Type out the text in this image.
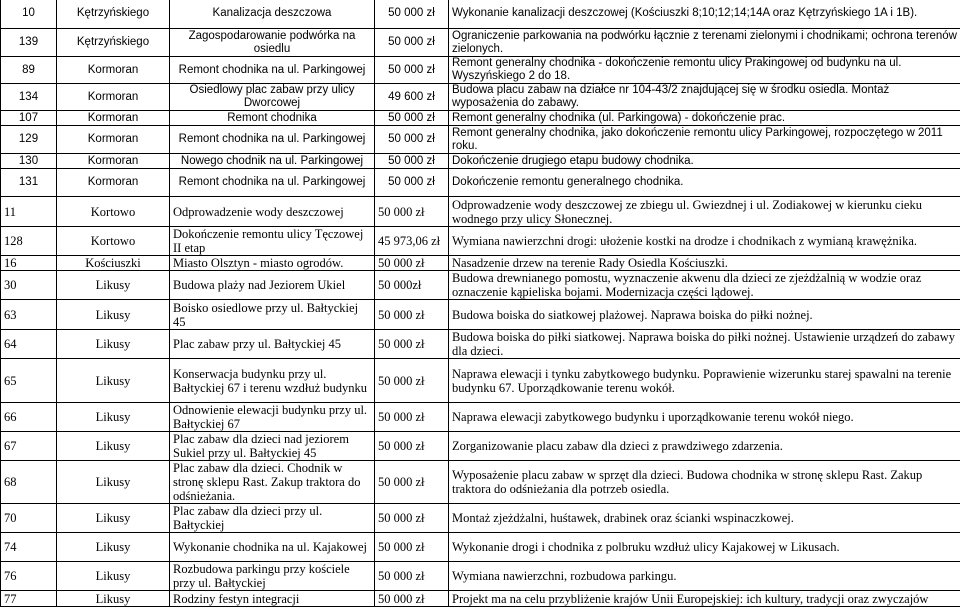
10	Kętrzyńskiego	Kanalizacja deszczowa	50 000 zł	Wykonanie kanalizacji deszczowej (Kościuszki 8;10;12;14;14A oraz Kętrzyńskiego 1A i 1B).
139	Kętrzyńskiego	Zagospodarowanie podwórka na osiedlu	50 000 zł	Ograniczenie parkowania na podwórku łącznie z terenami zielonymi i chodnikami; ochrona terenów zielonych.
89	Kormoran	Remont chodnika na ul. Parkingowej	50 000 zł	Remont generalny chodnika - dokończenie remontu ulicy Prakingowej od budynku na ul. Wyszyńskiego 2 do 18.
134	Kormoran	Osiedlowy plac zabaw przy ulicy Dworcowej	49 600 zł	Budowa placu zabaw na działce nr 104-43/2 znajdującej się w środku osiedla. Montaż wyposażenia do zabawy.
107	Kormoran	Remont chodnika	50 000 zł	Remont generalny chodnika (ul. Parkingowa) - dokończenie prac.
129	Kormoran	Remont chodnika na ul. Parkingowej	50 000 zł	Remont generalny chodnika, jako dokończenie remontu ulicy Parkingowej, rozpoczętego w 2011 roku.
130	Kormoran	Nowego chodnik na ul. Parkingowej	50 000 zł	Dokończenie drugiego etapu budowy chodnika.
131	Kormoran	Remont chodnika na ul. Parkingowej	50 000 zł	Dokończenie remontu generalnego chodnika.
11	Kortowo	Odprowadzenie wody deszczowej	50 000 zł	Odprowadzenie wody deszczowej ze zbiegu ul. Gwiezdnej i ul. Zodiakowej w kierunku cieku wodnego przy ulicy Słonecznej.
128	Kortowo	Dokończenie remontu ulicy Tęczowej II etap	45 973,06 zł	Wymiana nawierzchni drogi: ułożenie kostki na drodze i chodnikach z wymianą krawężnika.
16	Kościuszki	Miasto Olsztyn - miasto ogrodów.	50 000 zł	Nasadzenie drzew na terenie Rady Osiedla Kościuszki.
30	Likusy	Budowa plaży nad Jeziorem Ukiel	50 000zł	Budowa drewnianego pomostu, wyznaczenie akwenu dla dzieci ze zjeżdżalnią w wodzie oraz oznaczenie kąpieliska bojami. Modernizacja części lądowej.
63	Likusy	Boisko osiedlowe przy ul. Bałtyckiej 45	50 000 zł	Budowa boiska do siatkowej plażowej. Naprawa boiska do piłki nożnej.
64	Likusy	Plac zabaw przy ul. Bałtyckiej 45	50 000 zł	Budowa boiska do piłki siatkowej. Naprawa boiska do piłki nożnej. Ustawienie urządzeń do zabawy dla dzieci.
65	Likusy	Konserwacja budynku przy ul. Bałtyckiej 67 i terenu wzdłuż budynku	50 000 zł	Naprawa elewacji i tynku zabytkowego budynku. Poprawienie wizerunku starej spawalni na terenie budynku 67. Uporządkowanie terenu wokół.
66	Likusy	Odnowienie elewacji budynku przy ul. Bałtyckiej 67	50 000 zł	Naprawa elewacji zabytkowego budynku i uporządkowanie terenu wokół niego.
67	Likusy	Plac zabaw dla dzieci nad jeziorem Sukiel przy ul. Bałtyckiej 45	50 000 zł	Zorganizowanie placu zabaw dla dzieci z prawdziwego zdarzenia.
68	Likusy	Plac zabaw dla dzieci. Chodnik w stronę sklepu Rast. Zakup traktora do odśnieżania.	50 000 zł	Wyposażenie placu zabaw w sprzęt dla dzieci. Budowa chodnika w stronę sklepu Rast. Zakup traktora do odśnieżania dla potrzeb osiedla.
70	Likusy	Plac zabaw dla dzieci przy ul. Bałtyckiej	50 000 zł	Montaż zjeżdżalni, huśtawek, drabinek oraz ścianki wspinaczkowej.
74	Likusy	Wykonanie chodnika na ul. Kajakowej	50 000 zł	Wykonanie drogi i chodnika z polbruku wzdłuż ulicy Kajakowej w Likusach.
76	Likusy	Rozbudowa parkingu przy kościele przy ul. Bałtyckiej	50 000 zł	Wymiana nawierzchni, rozbudowa parkingu.
77	Likusy	Rodziny festyn integracji	50 000 zł	Projekt ma na celu przybliżenie krajów Unii Europejskiej: ich kultury, tradycji oraz zwyczajów
